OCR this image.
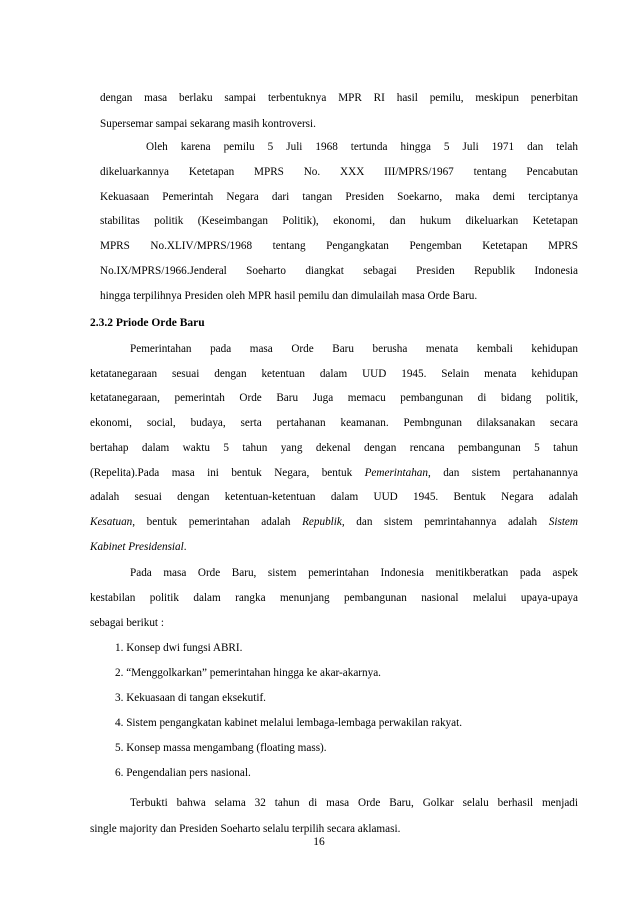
dengan masa berlaku sampai terbentuknya MPR RI hasil pemilu, meskipun penerbitan
Supersemar sampai sekarang masih kontroversi.
Oleh karena pemilu 5 Juli 1968 tertunda hingga 5 Juli 1971 dan telah
dikeluarkannya Ketetapan MPRS No. XXX III/MPRS/1967 tentang Pencabutan
Kekuasaan Pemerintah Negara dari tangan Presiden Soekarno, maka demi terciptanya
stabilitas politik (Keseimbangan Politik), ekonomi, dan hukum dikeluarkan Ketetapan
MPRS No.XLIV/MPRS/1968 tentang Pengangkatan Pengemban Ketetapan MPRS
No.IX/MPRS/1966.Jenderal Soeharto diangkat sebagai Presiden Republik Indonesia
hingga terpilihnya Presiden oleh MPR hasil pemilu dan dimulailah masa Orde Baru.
2.3.2 Priode Orde Baru
Pemerintahan pada masa Orde Baru berusha menata kembali kehidupan
ketatanegaraan sesuai dengan ketentuan dalam UUD 1945. Selain menata kehidupan
ketatanegaraan, pemerintah Orde Baru Juga memacu pembangunan di bidang politik,
ekonomi, social, budaya, serta pertahanan keamanan. Pembngunan dilaksanakan secara
bertahap dalam waktu 5 tahun yang dekenal dengan rencana pembangunan 5 tahun
(Repelita).Pada masa ini bentuk Negara, bentuk Pemerintahan, dan sistem pertahanannya
adalah sesuai dengan ketentuan-ketentuan dalam UUD 1945. Bentuk Negara adalah
Kesatuan, bentuk pemerintahan adalah Republik, dan sistem pemrintahannya adalah Sistem
Kabinet Presidensial.
Pada masa Orde Baru, sistem pemerintahan Indonesia menitikberatkan pada aspek
kestabilan politik dalam rangka menunjang pembangunan nasional melalui upaya-upaya
sebagai berikut :
1. Konsep dwi fungsi ABRI.
2. “Menggolkarkan” pemerintahan hingga ke akar-akarnya.
3. Kekuasaan di tangan eksekutif.
4. Sistem pengangkatan kabinet melalui lembaga-lembaga perwakilan rakyat.
5. Konsep massa mengambang (floating mass).
6. Pengendalian pers nasional.
Terbukti bahwa selama 32 tahun di masa Orde Baru, Golkar selalu berhasil menjadi
single majority dan Presiden Soeharto selalu terpilih secara aklamasi.
16
